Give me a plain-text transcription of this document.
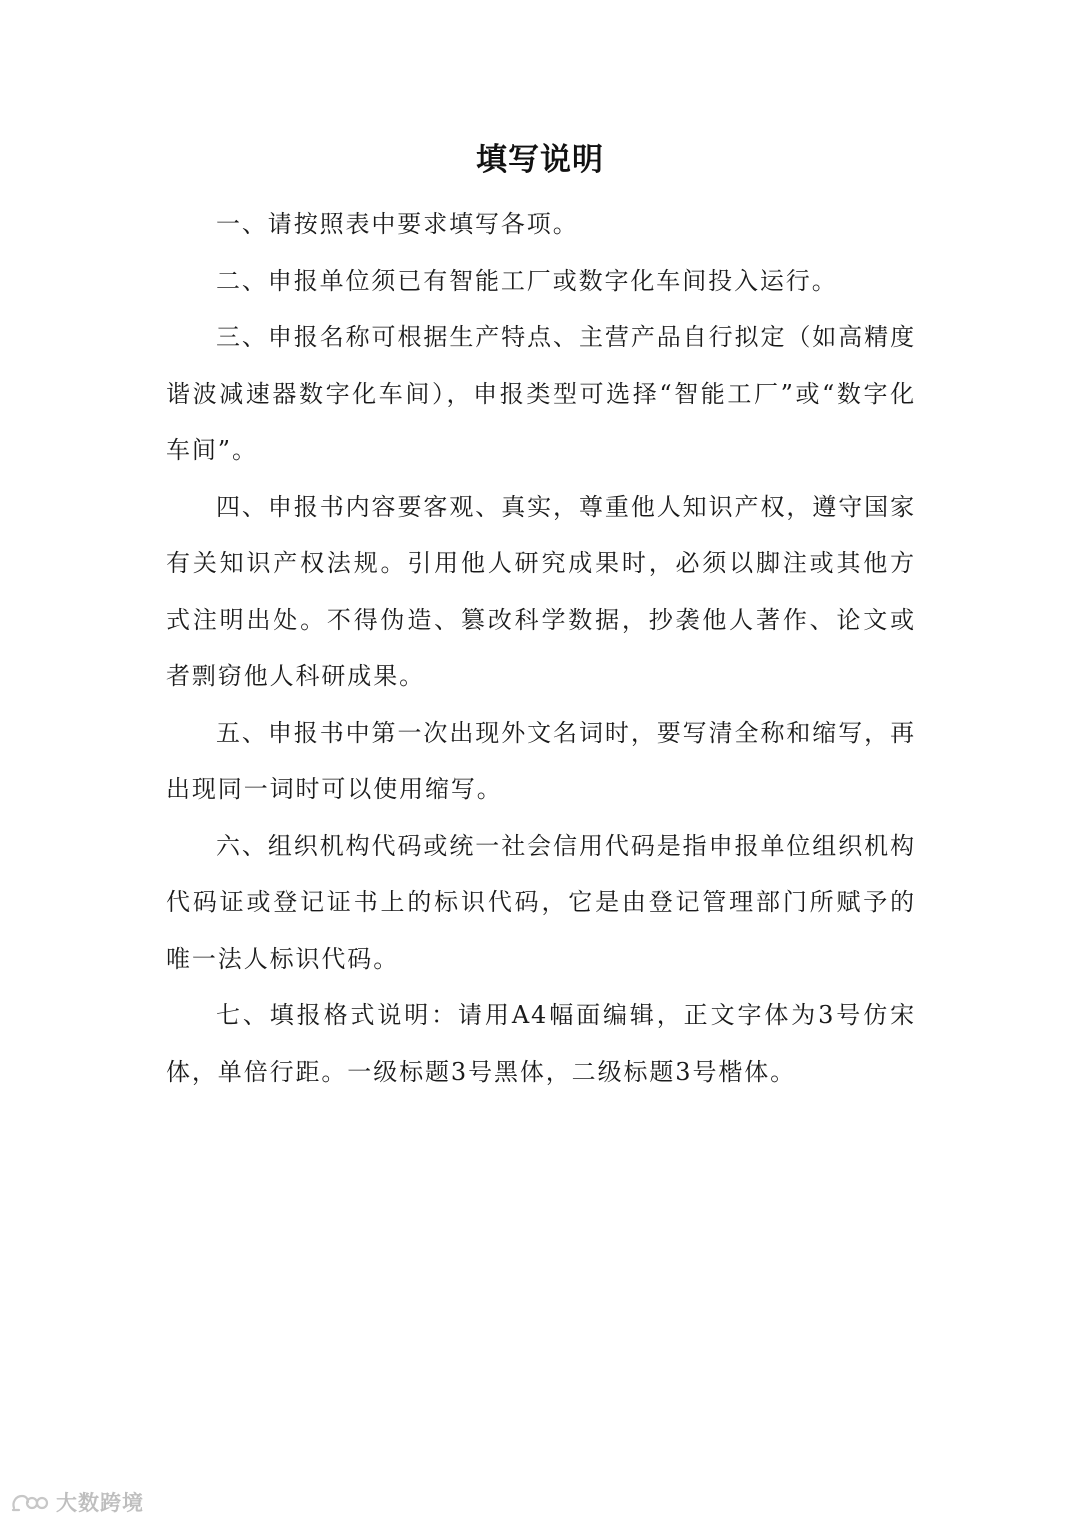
填写说明

一、请按照表中要求填写各项。

二、申报单位须已有智能工厂或数字化车间投入运行。

三、申报名称可根据生产特点、主营产品自行拟定（如高精度谐波减速器数字化车间），申报类型可选择“智能工厂”或“数字化车间”。

四、申报书内容要客观、真实，尊重他人知识产权，遵守国家有关知识产权法规。引用他人研究成果时，必须以脚注或其他方式注明出处。不得伪造、篡改科学数据，抄袭他人著作、论文或者剽窃他人科研成果。

五、申报书中第一次出现外文名词时，要写清全称和缩写，再出现同一词时可以使用缩写。

六、组织机构代码或统一社会信用代码是指申报单位组织机构代码证或登记证书上的标识代码，它是由登记管理部门所赋予的唯一法人标识代码。

七、填报格式说明：请用A4幅面编辑，正文字体为3号仿宋体，单倍行距。一级标题3号黑体，二级标题3号楷体。

大数跨境
